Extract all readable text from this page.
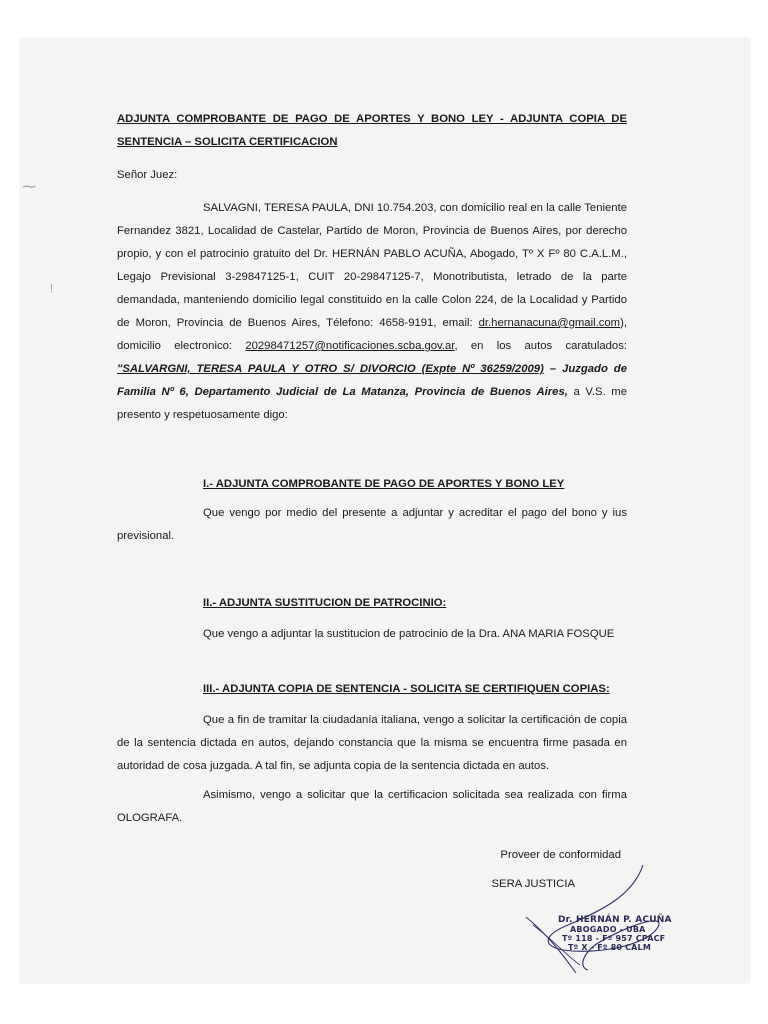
⁓
ǃ

ADJUNTA COMPROBANTE DE PAGO DE APORTES Y BONO LEY - ADJUNTA COPIA DE

SENTENCIA – SOLICITA CERTIFICACION

Señor Juez:

SALVAGNI, TERESA PAULA, DNI 10.754.203, con domicilio real en la calle Teniente Fernandez 3821, Localidad de Castelar, Partido de Moron, Provincia de Buenos Aires, por derecho propio, y con el patrocinio gratuito del Dr. HERNÁN PABLO ACUÑA, Abogado, Tº X Fº 80 C.A.L.M., Legajo Previsional 3-29847125-1, CUIT 20-29847125-7, Monotributista, letrado de la parte demandada, manteniendo domicilio legal constituido en la calle Colon 224, de la Localidad y Partido de Moron, Provincia de Buenos Aires, Télefono: 4658-9191, email: dr.hernanacuna@gmail.com), domicilio electronico: 20298471257@notificaciones.scba.gov.ar, en los autos caratulados: "SALVARGNI, TERESA PAULA Y OTRO S/ DIVORCIO (Expte Nº 36259/2009) – Juzgado de Familia Nº 6, Departamento Judicial de La Matanza, Provincia de Buenos Aires, a V.S. me presento y respetuosamente digo:

I.- ADJUNTA COMPROBANTE DE PAGO DE APORTES Y BONO LEY

Que vengo por medio del presente a adjuntar y acreditar el pago del bono y ius previsional.

II.- ADJUNTA SUSTITUCION DE PATROCINIO:

Que vengo a adjuntar la sustitucion de patrocinio de la Dra. ANA MARIA FOSQUE

III.- ADJUNTA COPIA DE SENTENCIA - SOLICITA SE CERTIFIQUEN COPIAS:

Que a fin de tramitar la ciudadanía italiana, vengo a solicitar la certificación de copia de la sentencia dictada en autos, dejando constancia que la misma se encuentra firme pasada en autoridad de cosa juzgada. A tal fin, se adjunta copia de la sentencia dictada en autos.

Asimismo, vengo a solicitar que la certificacion solicitada sea realizada con firma OLOGRAFA.

Proveer de conformidad

SERA JUSTICIA

Dr. HERNÁN P. ACUÑA
ABOGADO - UBA
Tº 118 - Fº 957 CPACF
Tº X - Fº 80 CALM
